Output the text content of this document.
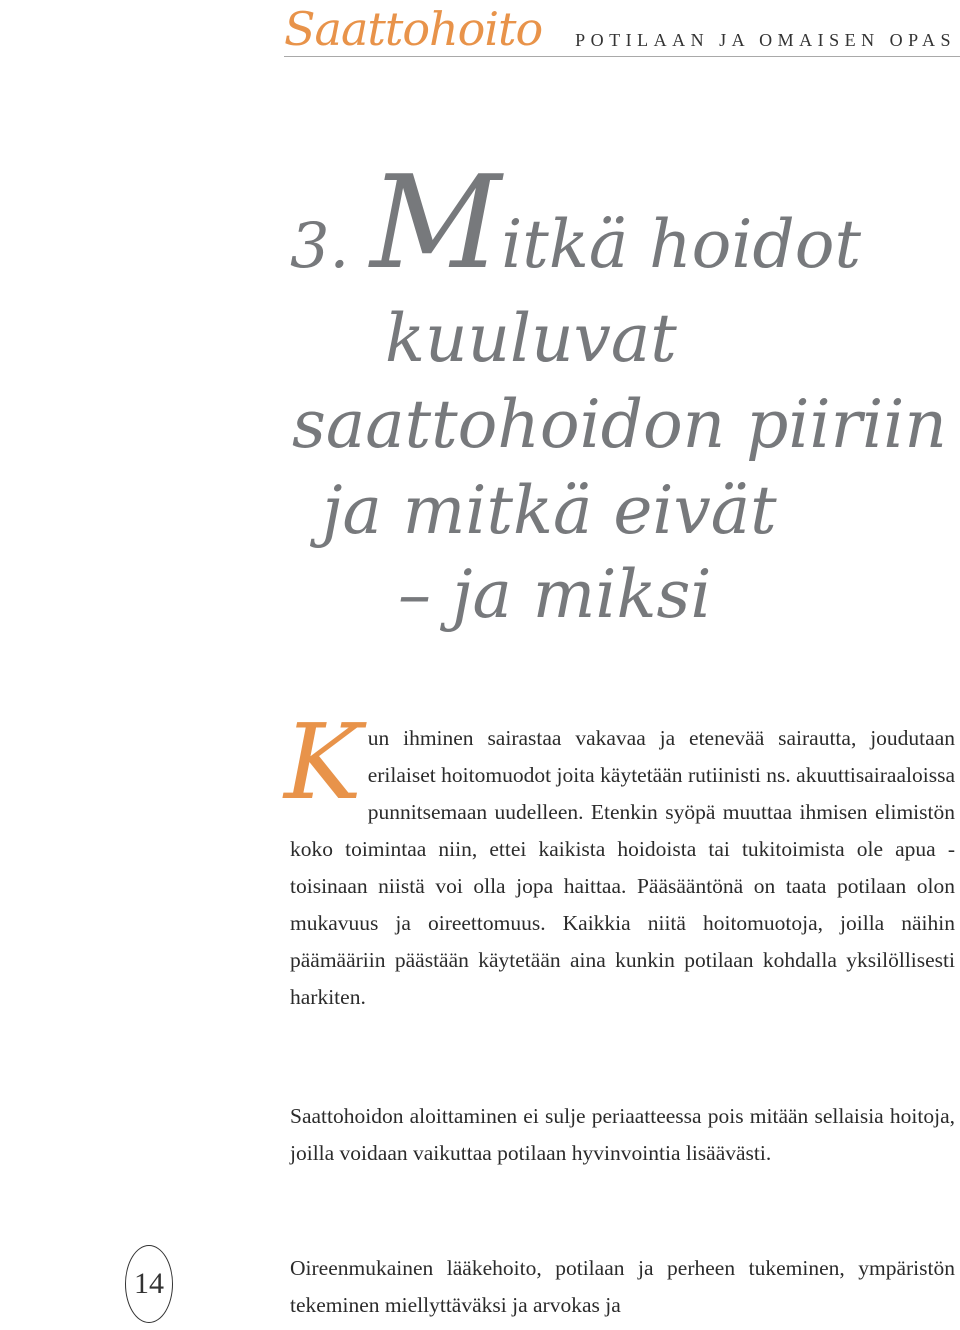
Saattohoito POTILAAN JA OMAISEN OPAS
3. Mitkä hoidot
kuuluvat
saattohoidon piiriin
ja mitkä eivät
– ja miksi
K un ihminen sairastaa vakavaa ja etenevää sairautta, joudutaan erilaiset hoitomuodot joita käytetään rutiinisti ns. akuuttisairaaloissa punnitsemaan uudelleen. Etenkin syöpä muuttaa ihmisen elimistön koko toimintaa niin, ettei kaikista hoidoista tai tukitoimista ole apua - toisinaan niistä voi olla jopa haittaa. Pääsääntönä on taata potilaan olon mukavuus ja oireettomuus. Kaikkia niitä hoitomuotoja, joilla näihin päämääriin päästään käytetään aina kunkin potilaan kohdalla yksilöllisesti harkiten.
Saattohoidon aloittaminen ei sulje periaatteessa pois mitään sellaisia hoitoja, joilla voidaan vaikuttaa potilaan hyvinvointia lisäävästi.
Oireenmukainen lääkehoito, potilaan ja perheen tukeminen, ympäristön tekeminen miellyttäväksi ja arvokas ja
14
